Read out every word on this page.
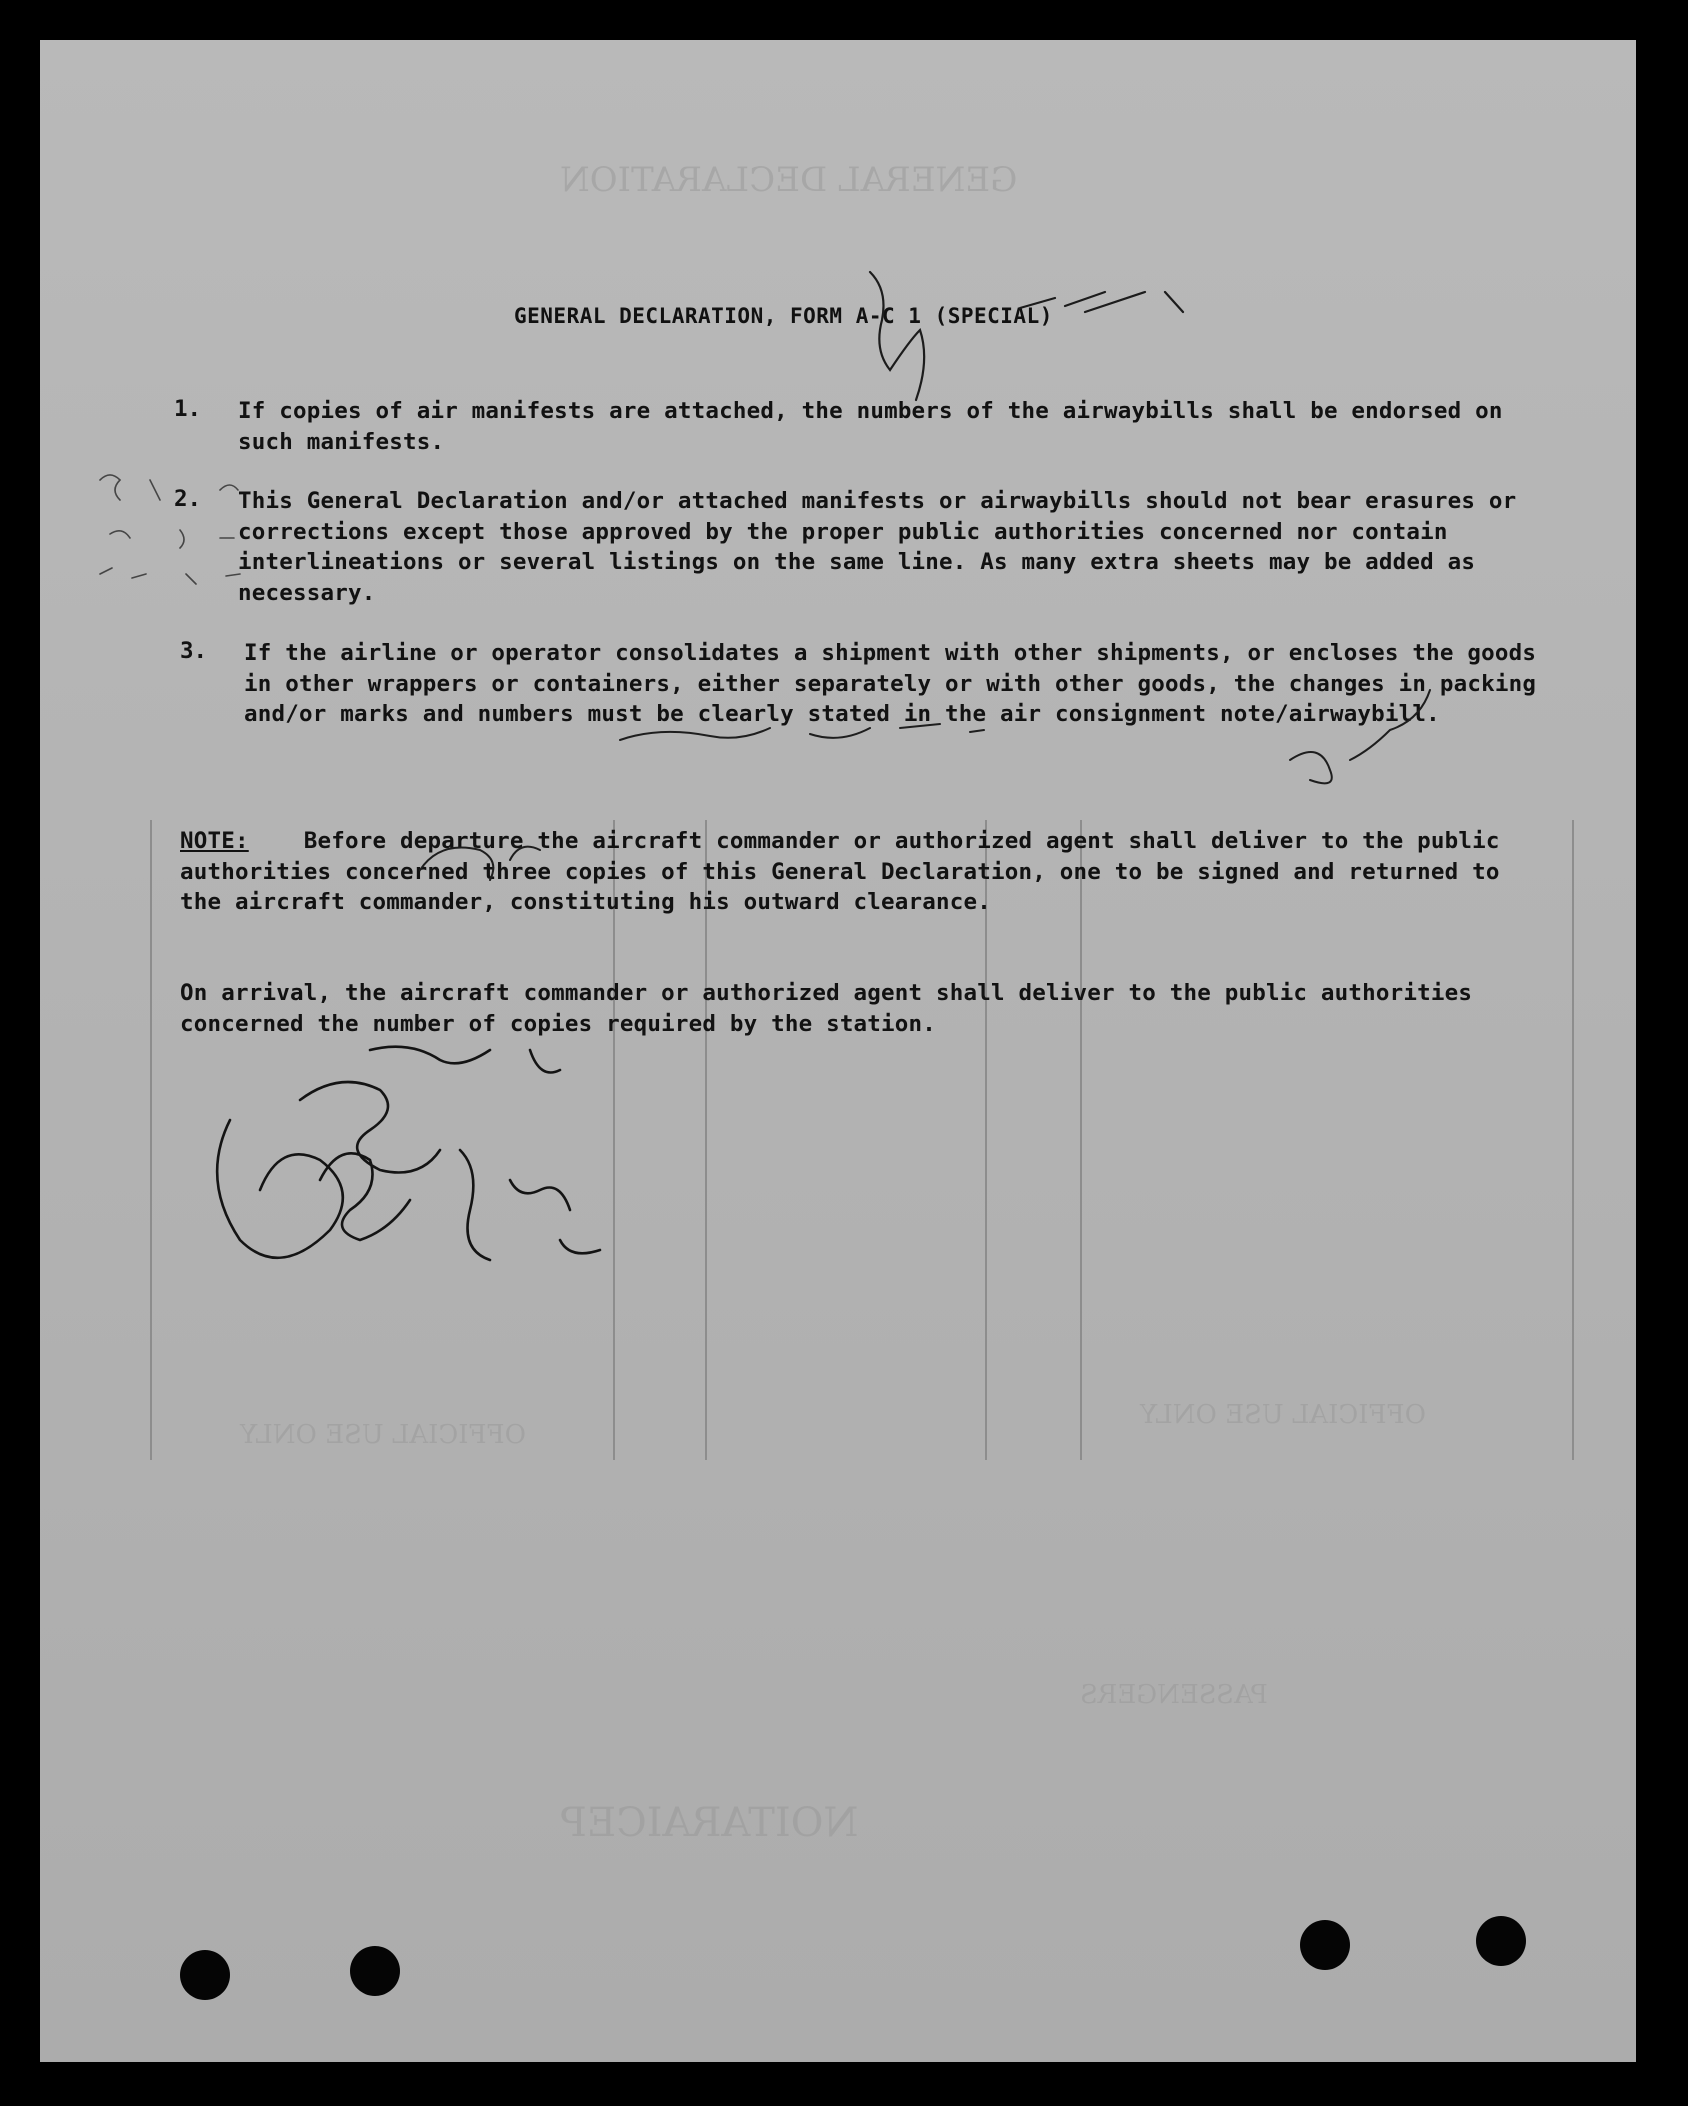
GENERAL DECLARATION
OFFICIAL USE ONLY
OFFICIAL USE ONLY
NOITARAICEP
PASSENGERS
GENERAL DECLARATION, FORM A-C 1 (SPECIAL)
1. If copies of air manifests are attached, the numbers of the airwaybills shall be endorsed on such manifests.
2. This General Declaration and/or attached manifests or airwaybills should not bear erasures or corrections except those approved by the proper public authorities concerned nor contain interlineations or several listings on the same line. As many extra sheets may be added as necessary.
3. If the airline or operator consolidates a shipment with other shipments, or encloses the goods in other wrappers or containers, either separately or with other goods, the changes in packing and/or marks and numbers must be clearly stated in the air consignment note/airwaybill.
NOTE: Before departure the aircraft commander or authorized agent shall deliver to the public authorities concerned three copies of this General Declaration, one to be signed and returned to the aircraft commander, constituting his outward clearance.
On arrival, the aircraft commander or authorized agent shall deliver to the public authorities concerned the number of copies required by the station.
